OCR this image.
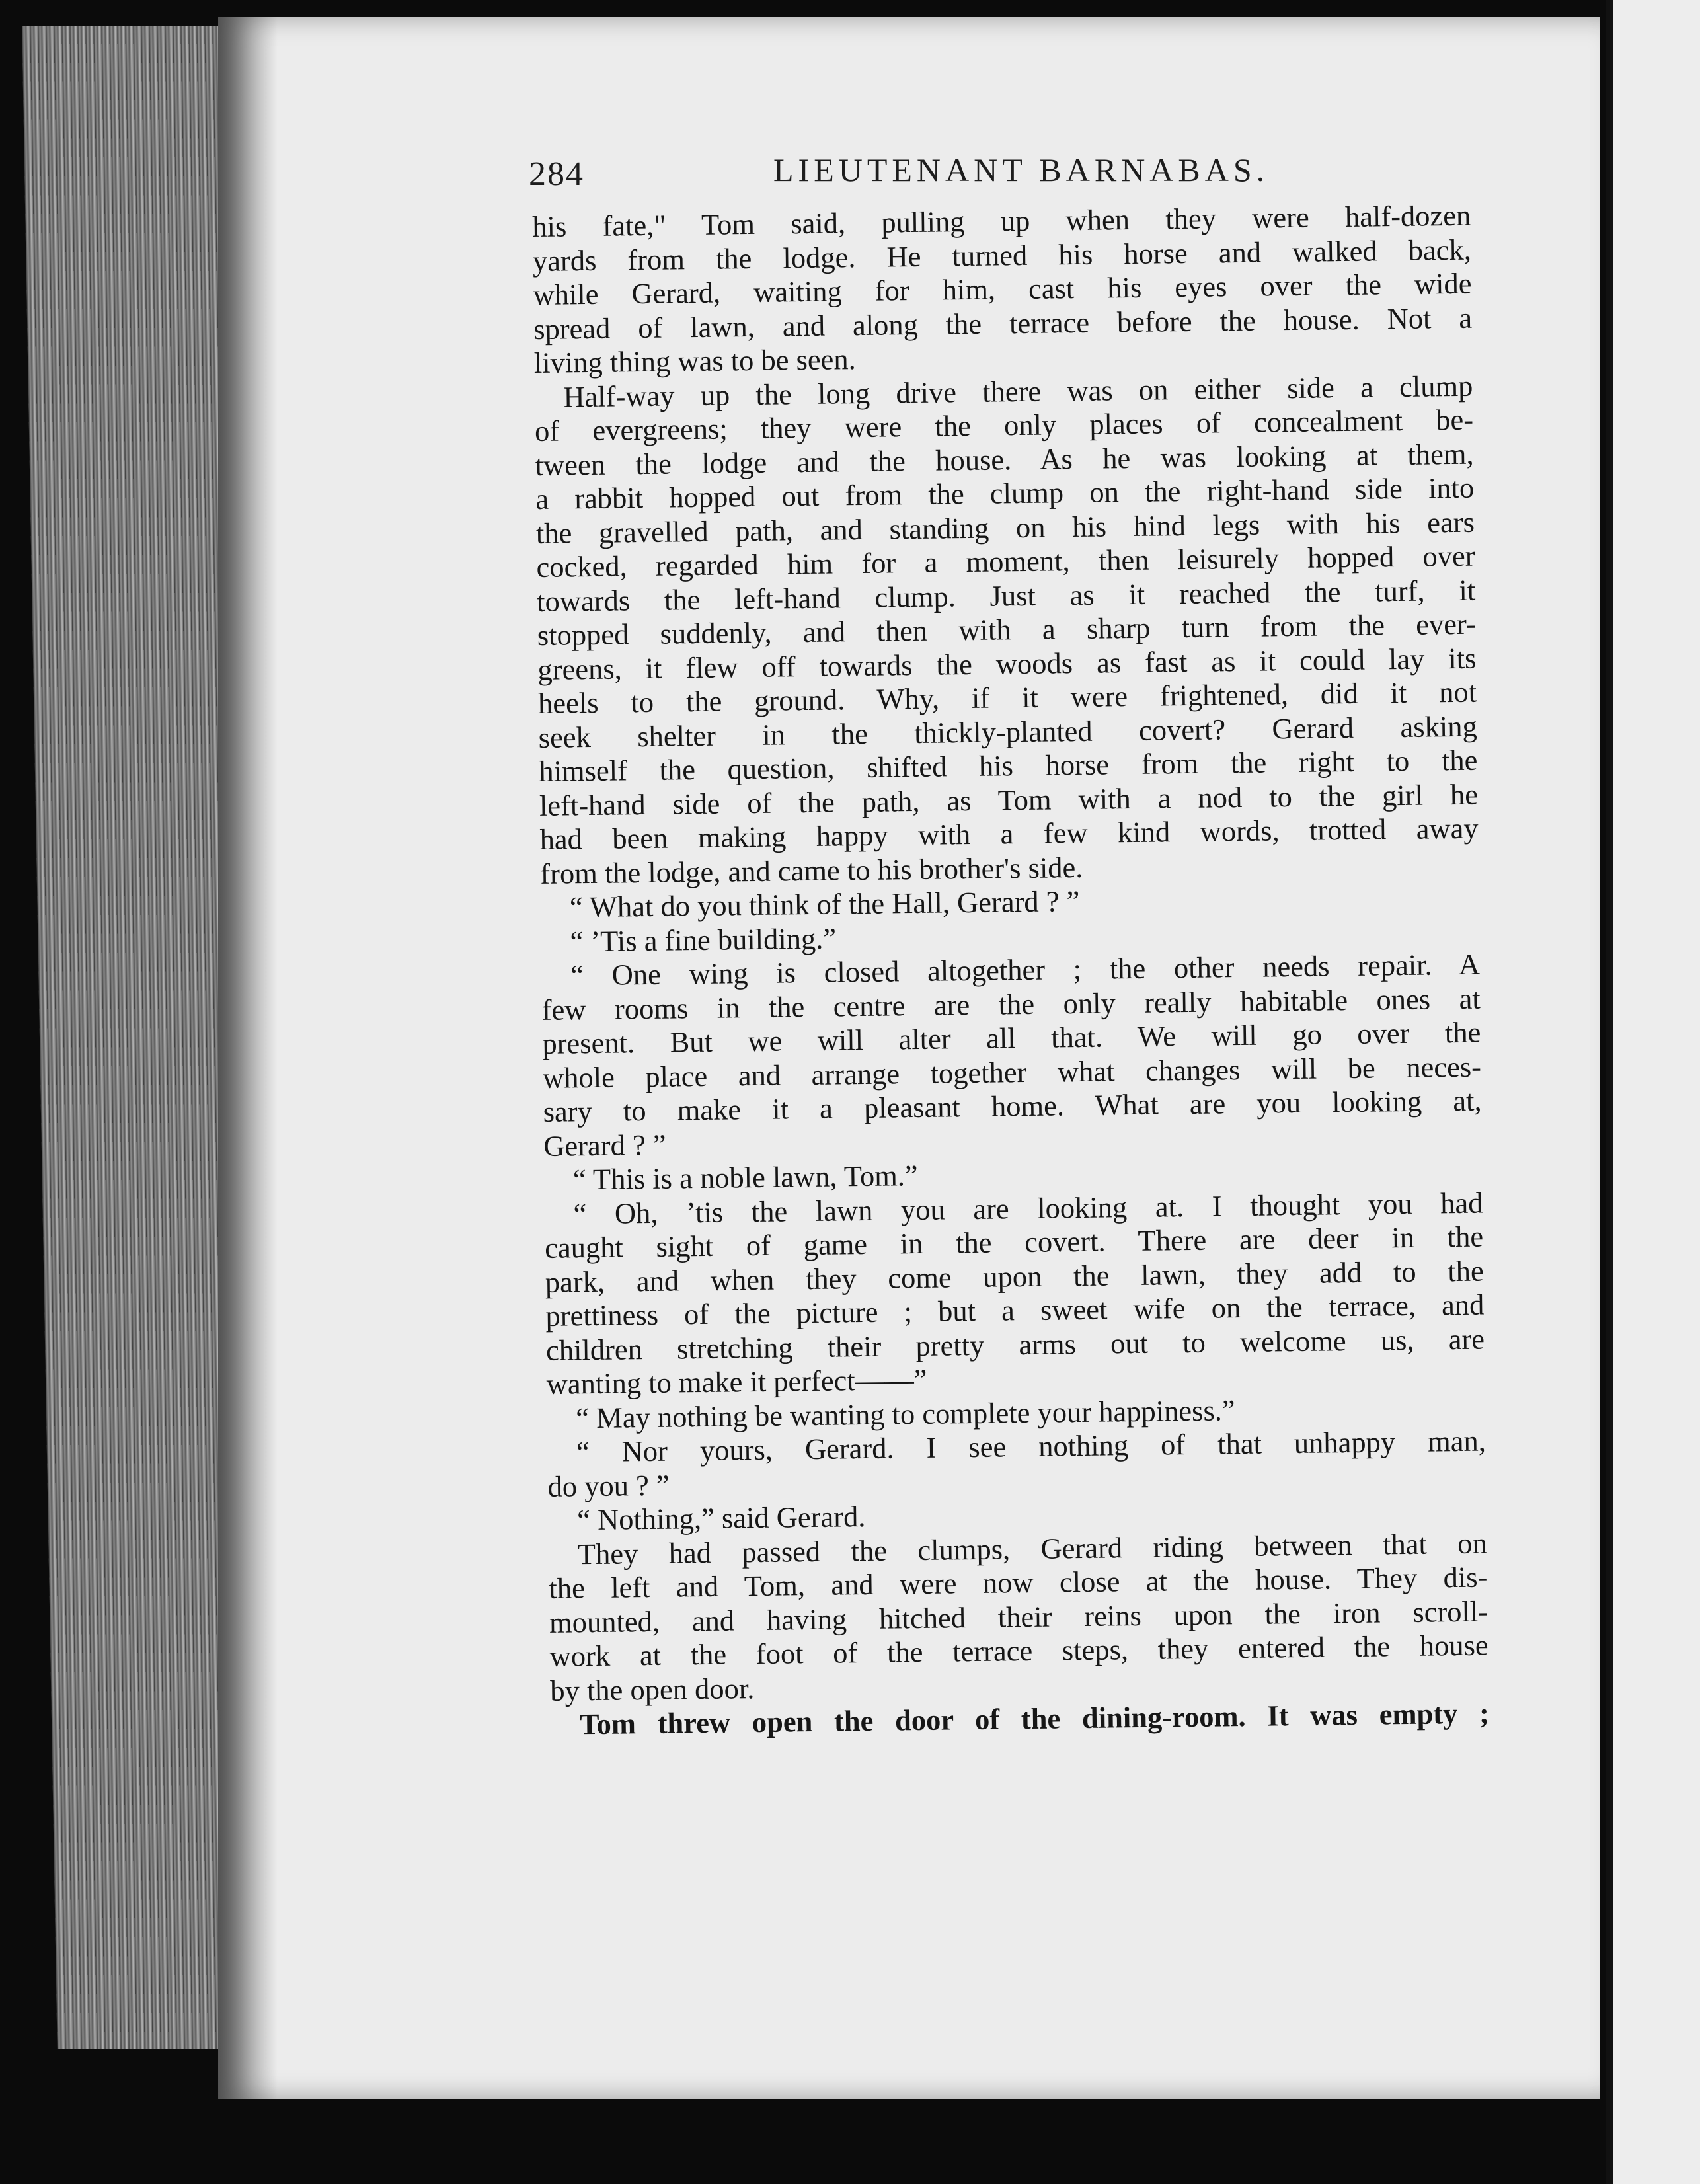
284	LIEUTENANT BARNABAS.
his fate," Tom said, pulling up when they were half-dozen
yards from the lodge. He turned his horse and walked back,
while Gerard, waiting for him, cast his eyes over the wide
spread of lawn, and along the terrace before the house. Not a
living thing was to be seen.
Half-way up the long drive there was on either side a clump
of evergreens; they were the only places of concealment be-
tween the lodge and the house. As he was looking at them,
a rabbit hopped out from the clump on the right-hand side into
the gravelled path, and standing on his hind legs with his ears
cocked, regarded him for a moment, then leisurely hopped over
towards the left-hand clump. Just as it reached the turf, it
stopped suddenly, and then with a sharp turn from the ever-
greens, it flew off towards the woods as fast as it could lay its
heels to the ground. Why, if it were frightened, did it not
seek shelter in the thickly-planted covert? Gerard asking
himself the question, shifted his horse from the right to the
left-hand side of the path, as Tom with a nod to the girl he
had been making happy with a few kind words, trotted away
from the lodge, and came to his brother's side.
“ What do you think of the Hall, Gerard ? ”
“ ’Tis a fine building.”
“ One wing is closed altogether ; the other needs repair. A
few rooms in the centre are the only really habitable ones at
present. But we will alter all that. We will go over the
whole place and arrange together what changes will be neces-
sary to make it a pleasant home. What are you looking at,
Gerard ? ”
“ This is a noble lawn, Tom.”
“ Oh, ’tis the lawn you are looking at. I thought you had
caught sight of game in the covert. There are deer in the
park, and when they come upon the lawn, they add to the
prettiness of the picture ; but a sweet wife on the terrace, and
children stretching their pretty arms out to welcome us, are
wanting to make it perfect——”
“ May nothing be wanting to complete your happiness.”
“ Nor yours, Gerard. I see nothing of that unhappy man,
do you ? ”
“ Nothing,” said Gerard.
They had passed the clumps, Gerard riding between that on
the left and Tom, and were now close at the house. They dis-
mounted, and having hitched their reins upon the iron scroll-
work at the foot of the terrace steps, they entered the house
by the open door.
Tom threw open the door of the dining-room. It was empty ;
